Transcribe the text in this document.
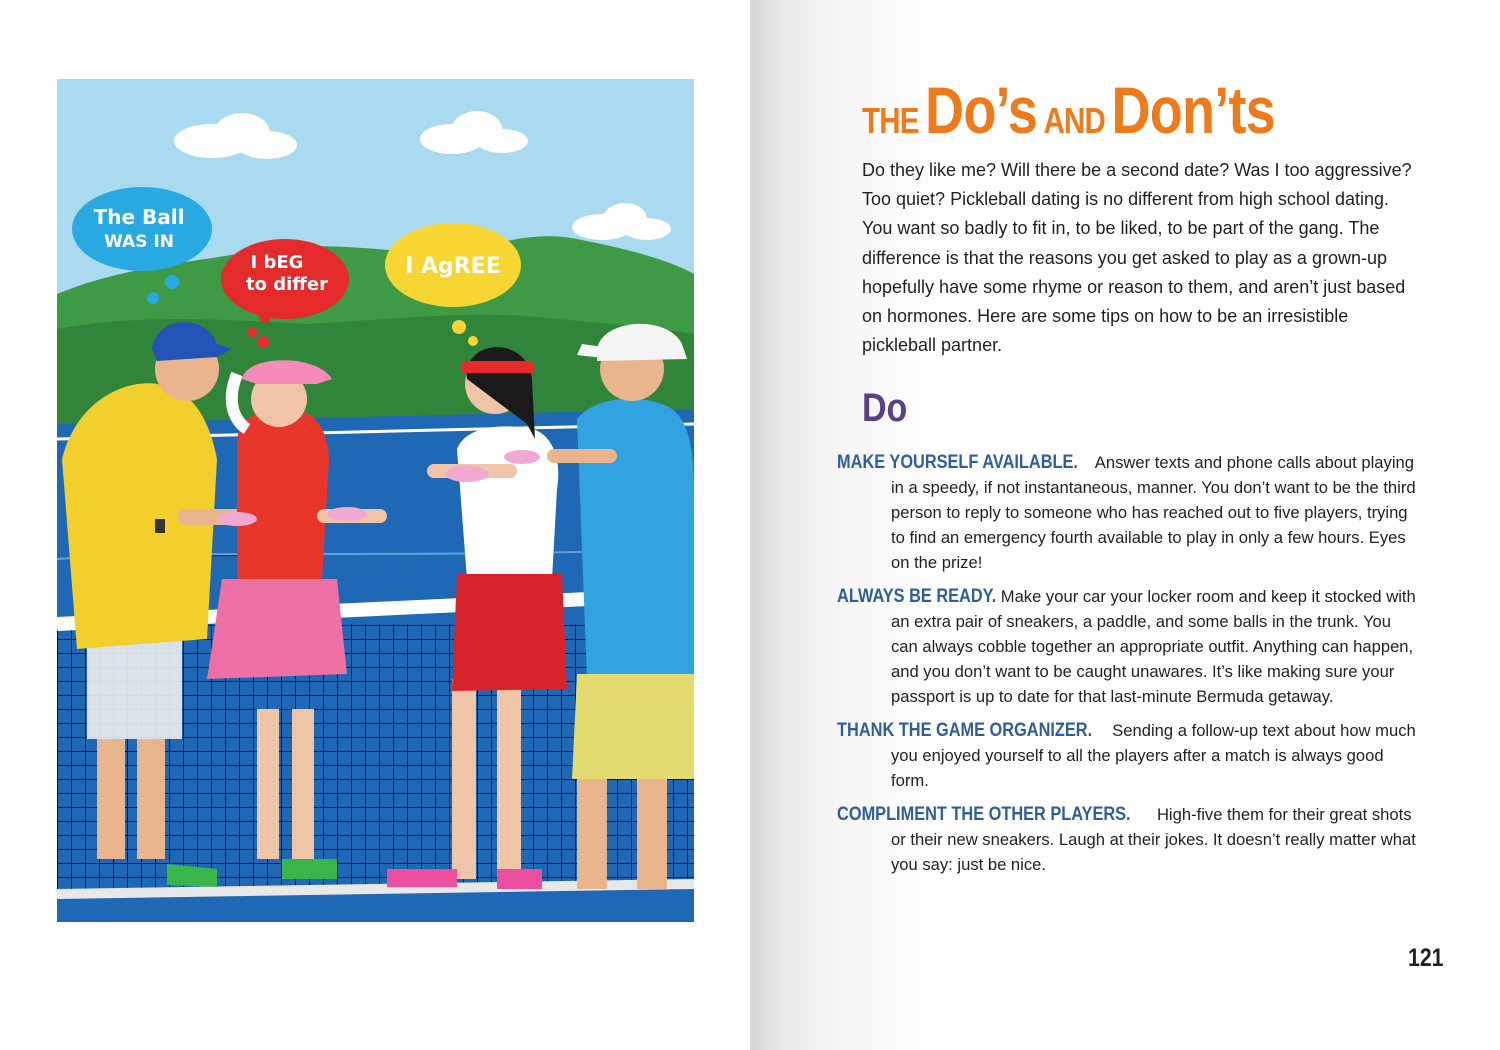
The Ball
WAS IN
I bEG
to differ
I AgREE
THE Do’s AND Don’ts

Do they like me? Will there be a second date? Was I too aggressive? Too quiet? Pickleball dating is no different from high school dating. You want so badly to fit in, to be liked, to be part of the gang. The difference is that the reasons you get asked to play as a grown-up hopefully have some rhyme or reason to them, and aren’t just based on hormones. Here are some tips on how to be an irresistible pickleball partner.

Do

MAKE YOURSELF AVAILABLE. Answer texts and phone calls about playing in a speedy, if not instantaneous, manner. You don’t want to be the third person to reply to someone who has reached out to five players, trying to find an emergency fourth available to play in only a few hours. Eyes on the prize!

ALWAYS BE READY. Make your car your locker room and keep it stocked with an extra pair of sneakers, a paddle, and some balls in the trunk. You can always cobble together an appropriate outfit. Anything can happen, and you don’t want to be caught unawares. It’s like making sure your passport is up to date for that last-minute Bermuda getaway.

THANK THE GAME ORGANIZER. Sending a follow-up text about how much you enjoyed yourself to all the players after a match is always good form.

COMPLIMENT THE OTHER PLAYERS. High-five them for their great shots or their new sneakers. Laugh at their jokes. It doesn’t really matter what you say: just be nice.

121
